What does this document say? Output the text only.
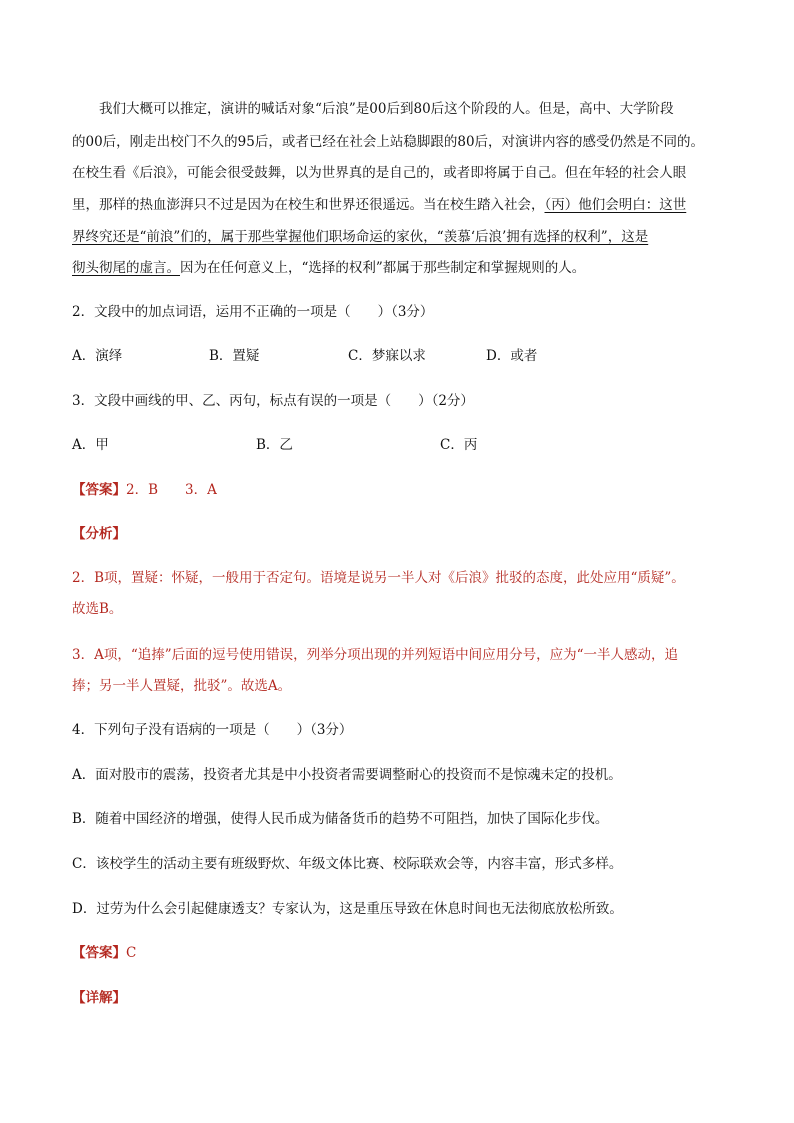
我们大概可以推定，演讲的喊话对象“后浪”是00后到80后这个阶段的人。但是，高中、大学阶段
的00后，刚走出校门不久的95后，或者已经在社会上站稳脚跟的80后，对演讲内容的感受仍然是不同的。
在校生看《后浪》，可能会很受鼓舞，以为世界真的是自己的，或者即将属于自己。但在年轻的社会人眼
里，那样的热血澎湃只不过是因为在校生和世界还很遥远。当在校生踏入社会，（丙）他们会明白：这世
界终究还是“前浪”们的，属于那些掌握他们职场命运的家伙，“羡慕‘后浪’拥有选择的权利”，这是
彻头彻尾的虚言。因为在任何意义上，“选择的权利”都属于那些制定和掌握规则的人。
2．文段中的加点词语，运用不正确的一项是（　　）（3分）
A．演绎	B．置疑	C．梦寐以求	D．或者
3．文段中画线的甲、乙、丙句，标点有误的一项是（　　）（2分）
A．甲	B．乙	C．丙
【答案】2．B　　3．A
【分析】
2．B项，置疑：怀疑，一般用于否定句。语境是说另一半人对《后浪》批驳的态度，此处应用“质疑”。
故选B。
3．A项，“追捧”后面的逗号使用错误，列举分项出现的并列短语中间应用分号，应为“一半人感动，追
捧；另一半人置疑，批驳”。故选A。
4．下列句子没有语病的一项是（　　）（3分）
A．面对股市的震荡，投资者尤其是中小投资者需要调整耐心的投资而不是惊魂未定的投机。
B．随着中国经济的增强，使得人民币成为储备货币的趋势不可阻挡，加快了国际化步伐。
C．该校学生的活动主要有班级野炊、年级文体比赛、校际联欢会等，内容丰富，形式多样。
D．过劳为什么会引起健康透支？专家认为，这是重压导致在休息时间也无法彻底放松所致。
【答案】C
【详解】
